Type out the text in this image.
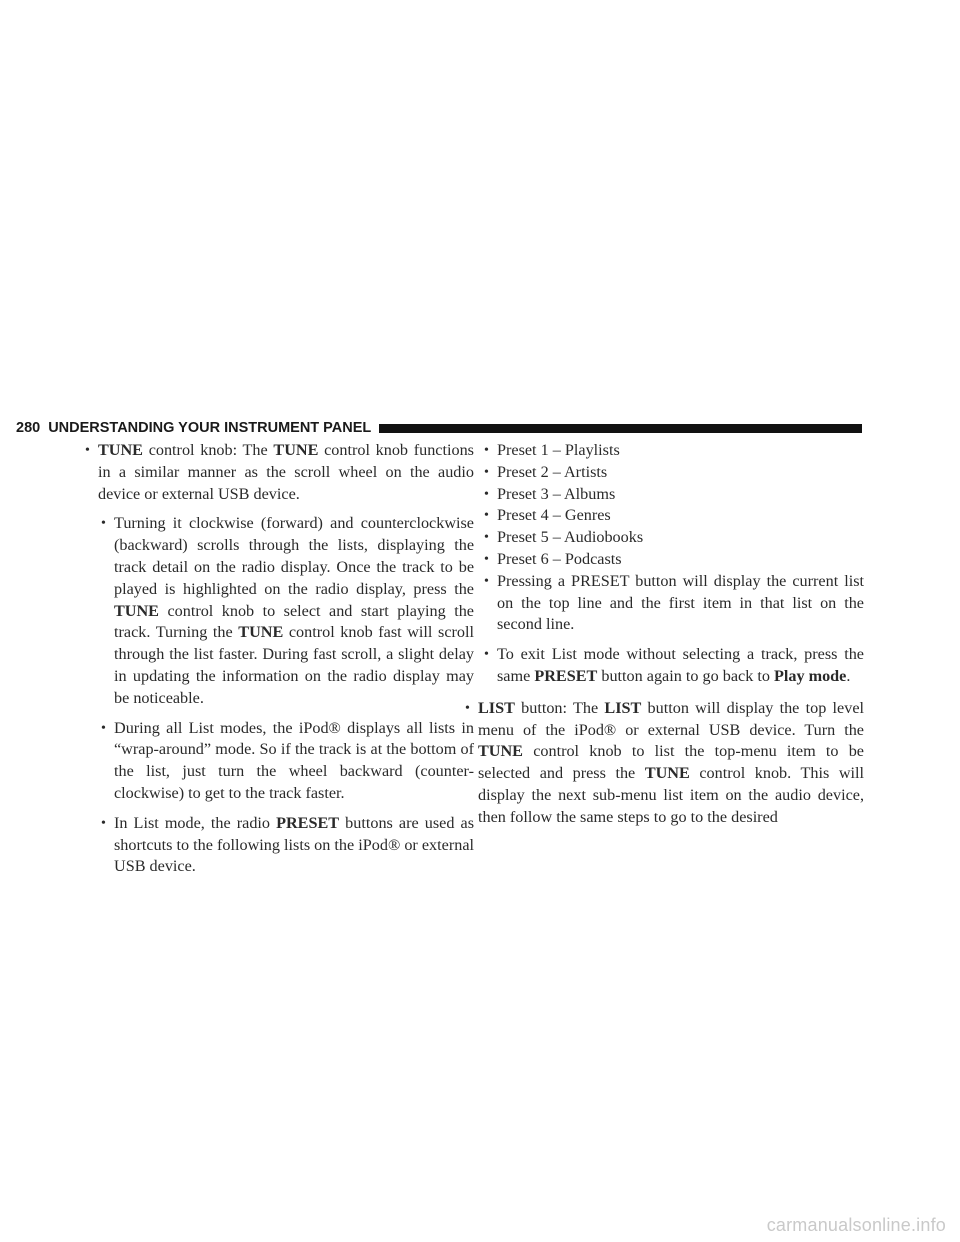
280 UNDERSTANDING YOUR INSTRUMENT PANEL
• TUNE control knob: The TUNE control knob functions in a similar manner as the scroll wheel on the audio device or external USB device.
• Turning it clockwise (forward) and counterclockwise (backward) scrolls through the lists, displaying the track detail on the radio display. Once the track to be played is highlighted on the radio display, press the TUNE control knob to select and start playing the track. Turning the TUNE control knob fast will scroll through the list faster. During fast scroll, a slight delay in updating the information on the radio display may be noticeable.
• During all List modes, the iPod® displays all lists in “wrap-around” mode. So if the track is at the bottom of the list, just turn the wheel backward (counter-clockwise) to get to the track faster.
• In List mode, the radio PRESET buttons are used as shortcuts to the following lists on the iPod® or external USB device.
• Preset 1 – Playlists
• Preset 2 – Artists
• Preset 3 – Albums
• Preset 4 – Genres
• Preset 5 – Audiobooks
• Preset 6 – Podcasts
• Pressing a PRESET button will display the current list on the top line and the first item in that list on the second line.
• To exit List mode without selecting a track, press the same PRESET button again to go back to Play mode.
• LIST button: The LIST button will display the top level menu of the iPod® or external USB device. Turn the TUNE control knob to list the top-menu item to be selected and press the TUNE control knob. This will display the next sub-menu list item on the audio device, then follow the same steps to go to the desired
carmanualsonline.info
